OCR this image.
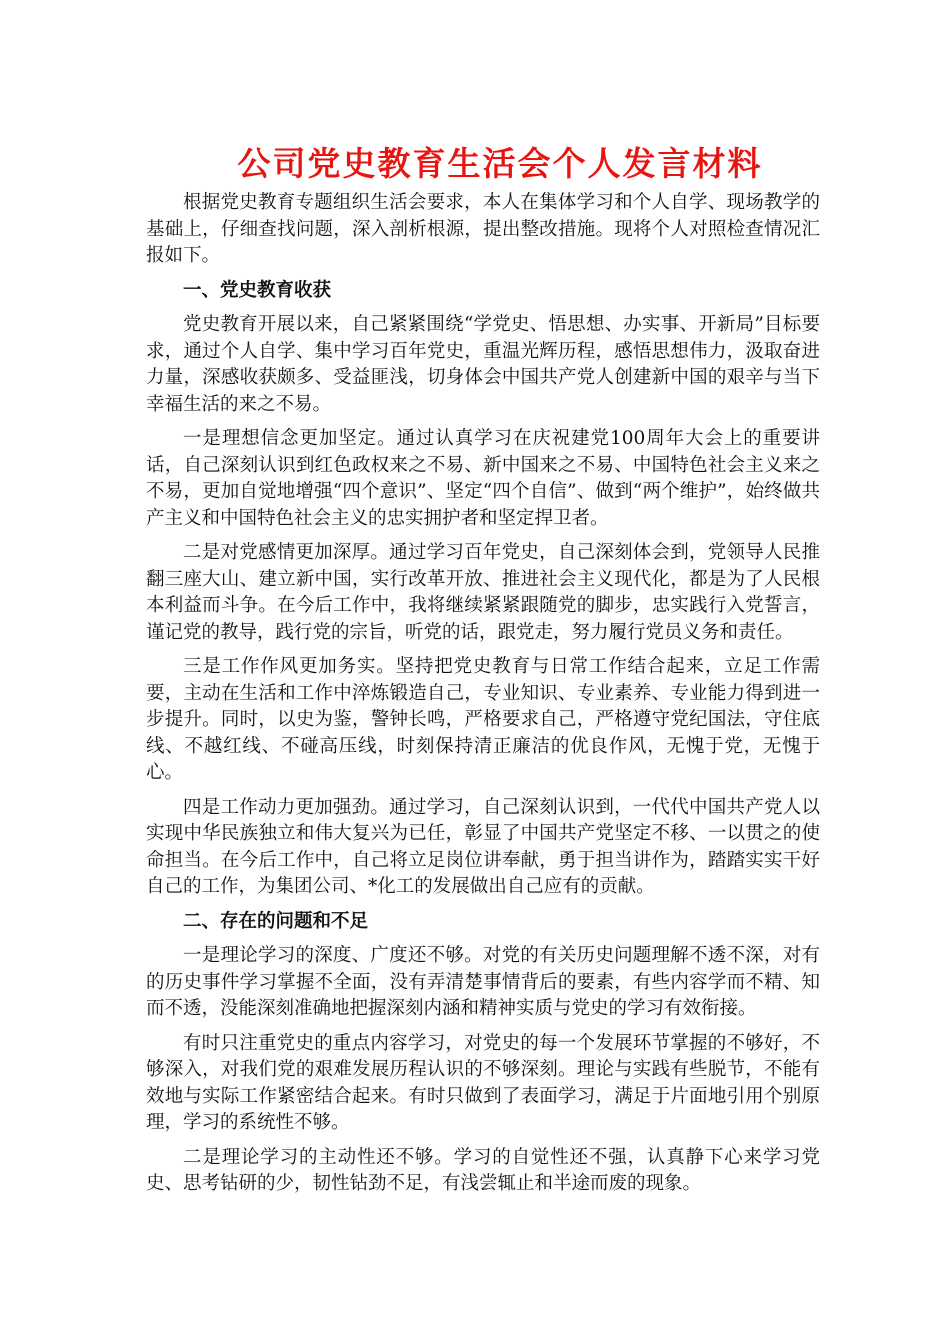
公司党史教育生活会个人发言材料

根据党史教育专题组织生活会要求，本人在集体学习和个人自学、现场教学的基础上，仔细查找问题，深入剖析根源，提出整改措施。现将个人对照检查情况汇报如下。

一、党史教育收获

党史教育开展以来，自己紧紧围绕“学党史、悟思想、办实事、开新局”目标要求，通过个人自学、集中学习百年党史，重温光辉历程，感悟思想伟力，汲取奋进力量，深感收获颇多、受益匪浅，切身体会中国共产党人创建新中国的艰辛与当下幸福生活的来之不易。

一是理想信念更加坚定。通过认真学习在庆祝建党100周年大会上的重要讲话，自己深刻认识到红色政权来之不易、新中国来之不易、中国特色社会主义来之不易，更加自觉地增强“四个意识”、坚定“四个自信”、做到“两个维护”，始终做共产主义和中国特色社会主义的忠实拥护者和坚定捍卫者。

二是对党感情更加深厚。通过学习百年党史，自己深刻体会到，党领导人民推翻三座大山、建立新中国，实行改革开放、推进社会主义现代化，都是为了人民根本利益而斗争。在今后工作中，我将继续紧紧跟随党的脚步，忠实践行入党誓言，谨记党的教导，践行党的宗旨，听党的话，跟党走，努力履行党员义务和责任。

三是工作作风更加务实。坚持把党史教育与日常工作结合起来，立足工作需要，主动在生活和工作中淬炼锻造自己，专业知识、专业素养、专业能力得到进一步提升。同时，以史为鉴，警钟长鸣，严格要求自己，严格遵守党纪国法，守住底线、不越红线、不碰高压线，时刻保持清正廉洁的优良作风，无愧于党，无愧于心。

四是工作动力更加强劲。通过学习，自己深刻认识到，一代代中国共产党人以实现中华民族独立和伟大复兴为已任，彰显了中国共产党坚定不移、一以贯之的使命担当。在今后工作中，自己将立足岗位讲奉献，勇于担当讲作为，踏踏实实干好自己的工作，为集团公司、*化工的发展做出自己应有的贡献。

二、存在的问题和不足

一是理论学习的深度、广度还不够。对党的有关历史问题理解不透不深，对有的历史事件学习掌握不全面，没有弄清楚事情背后的要素，有些内容学而不精、知而不透，没能深刻准确地把握深刻内涵和精神实质与党史的学习有效衔接。

有时只注重党史的重点内容学习，对党史的每一个发展环节掌握的不够好，不够深入，对我们党的艰难发展历程认识的不够深刻。理论与实践有些脱节，不能有效地与实际工作紧密结合起来。有时只做到了表面学习，满足于片面地引用个别原理，学习的系统性不够。

二是理论学习的主动性还不够。学习的自觉性还不强，认真静下心来学习党史、思考钻研的少，韧性钻劲不足，有浅尝辄止和半途而废的现象。
